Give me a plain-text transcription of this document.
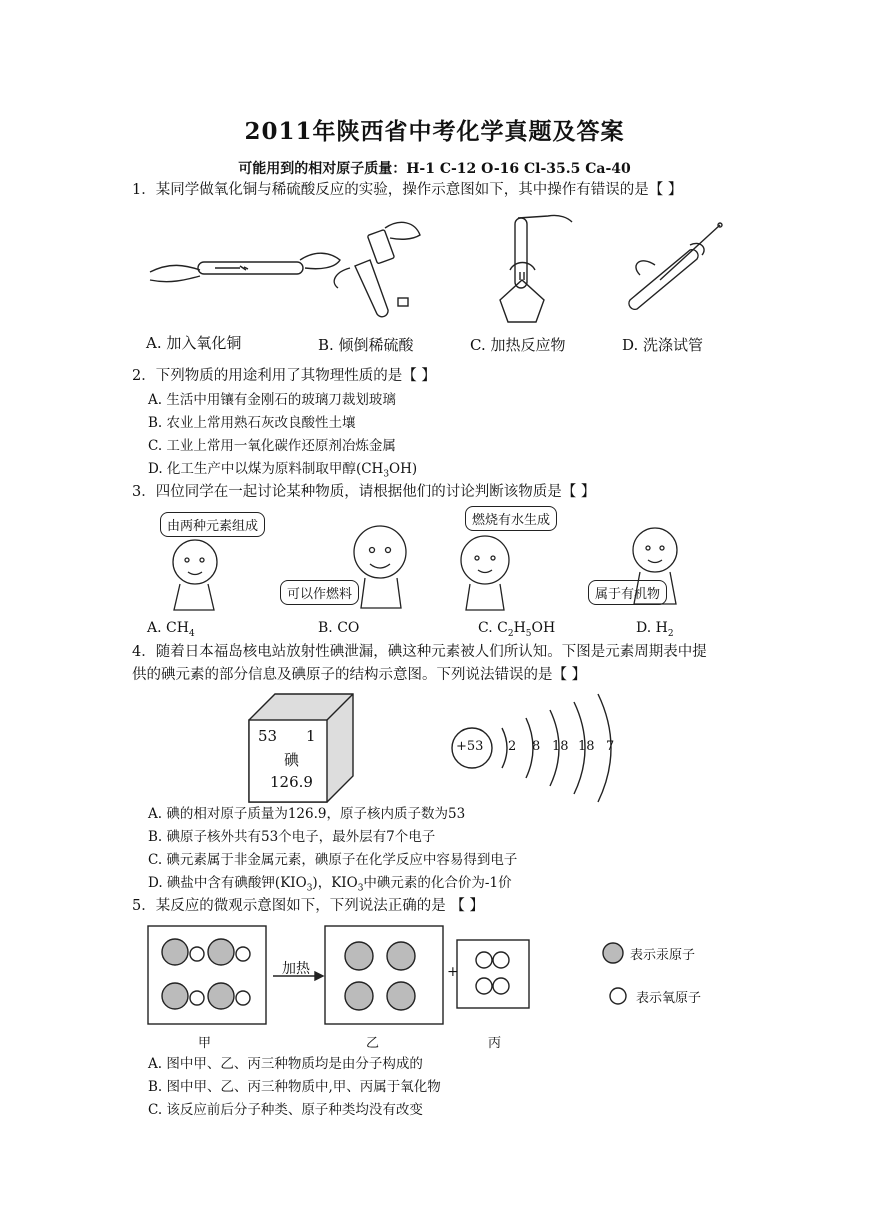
2011年陕西省中考化学真题及答案
可能用到的相对原子质量：H-1 C-12 O-16 Cl-35.5 Ca-40
1．某同学做氧化铜与稀硫酸反应的实验，操作示意图如下，其中操作有错误的是【 】
A. 加入氧化铜	B. 倾倒稀硫酸	C. 加热反应物	D. 洗涤试管
2．下列物质的用途利用了其物理性质的是【 】
A. 生活中用镶有金刚石的玻璃刀裁划玻璃
B. 农业上常用熟石灰改良酸性土壤
C. 工业上常用一氧化碳作还原剂冶炼金属
D. 化工生产中以煤为原料制取甲醇$(CH_3OH)$
3．四位同学在一起讨论某种物质，请根据他们的讨论判断该物质是【 】
由两种元素组成
可以作燃料
燃烧有水生成
属于有机物
A. $CH_4$	B. CO	C. $C_2H_5OH$	D. $H_2$
4．随着日本福岛核电站放射性碘泄漏，碘这种元素被人们所认知。下图是元素周期表中提
供的碘元素的部分信息及碘原子的结构示意图。下列说法错误的是【 】
53 1
碘
126.9
+53 2 8 18 18 7
A. 碘的相对原子质量为126.9，原子核内质子数为53
B. 碘原子核外共有53个电子，最外层有7个电子
C. 碘元素属于非金属元素，碘原子在化学反应中容易得到电子
D. 碘盐中含有碘酸钾$(KIO_3)$，$KIO_3$中碘元素的化合价为-1价
5．某反应的微观示意图如下，下列说法正确的是 【 】
加热	+
表示汞原子
表示氧原子
甲	乙	丙
A. 图中甲、乙、丙三种物质均是由分子构成的
B. 图中甲、乙、丙三种物质中,甲、丙属于氧化物
C. 该反应前后分子种类、原子种类均没有改变
